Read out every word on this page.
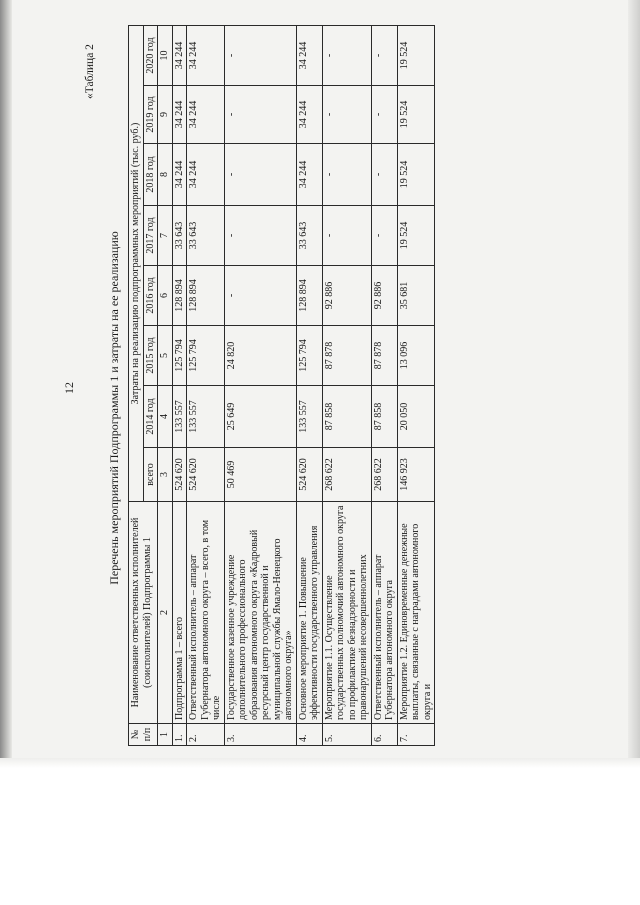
12
«Таблица 2
Перечень мероприятий Подпрограммы 1 и затраты на ее реализацию
№ п/п	Наименование ответственных исполнителей (соисполнителей) Подпрограммы 1	Затраты на реализацию подпрограммных мероприятий (тыс. руб.)							
		всего	2014 год	2015 год	2016 год	2017 год	2018 год	2019 год	2020 год
1	2	3	4	5	6	7	8	9	10
1.	Подпрограмма 1 – всего	524 620	133 557	125 794	128 894	33 643	34 244	34 244	34 244
2.	Ответственный исполнитель – аппарат Губернатора автономного округа – всего, в том числе	524 620	133 557	125 794	128 894	33 643	34 244	34 244	34 244
3.	Государственное казенное учреждение дополнительного профессионального образования автономного округа «Кадровый ресурсный центр государственной и муниципальной службы Ямало-Ненецкого автономного округа»	50 469	25 649	24 820	-	-	-	-	-
4.	Основное мероприятие 1. Повышение эффективности государственного управления	524 620	133 557	125 794	128 894	33 643	34 244	34 244	34 244
5.	Мероприятие 1.1. Осуществление государственных полномочий автономного округа по профилактике безнадзорности и правонарушений несовершеннолетних	268 622	87 858	87 878	92 886	-	-	-	-
6.	Ответственный исполнитель – аппарат Губернатора автономного округа	268 622	87 858	87 878	92 886	-	-	-	-
7.	Мероприятие 1.2. Единовременные денежные выплаты, связанные с наградами автономного округа и	146 923	20 050	13 096	35 681	19 524	19 524	19 524	19 524
